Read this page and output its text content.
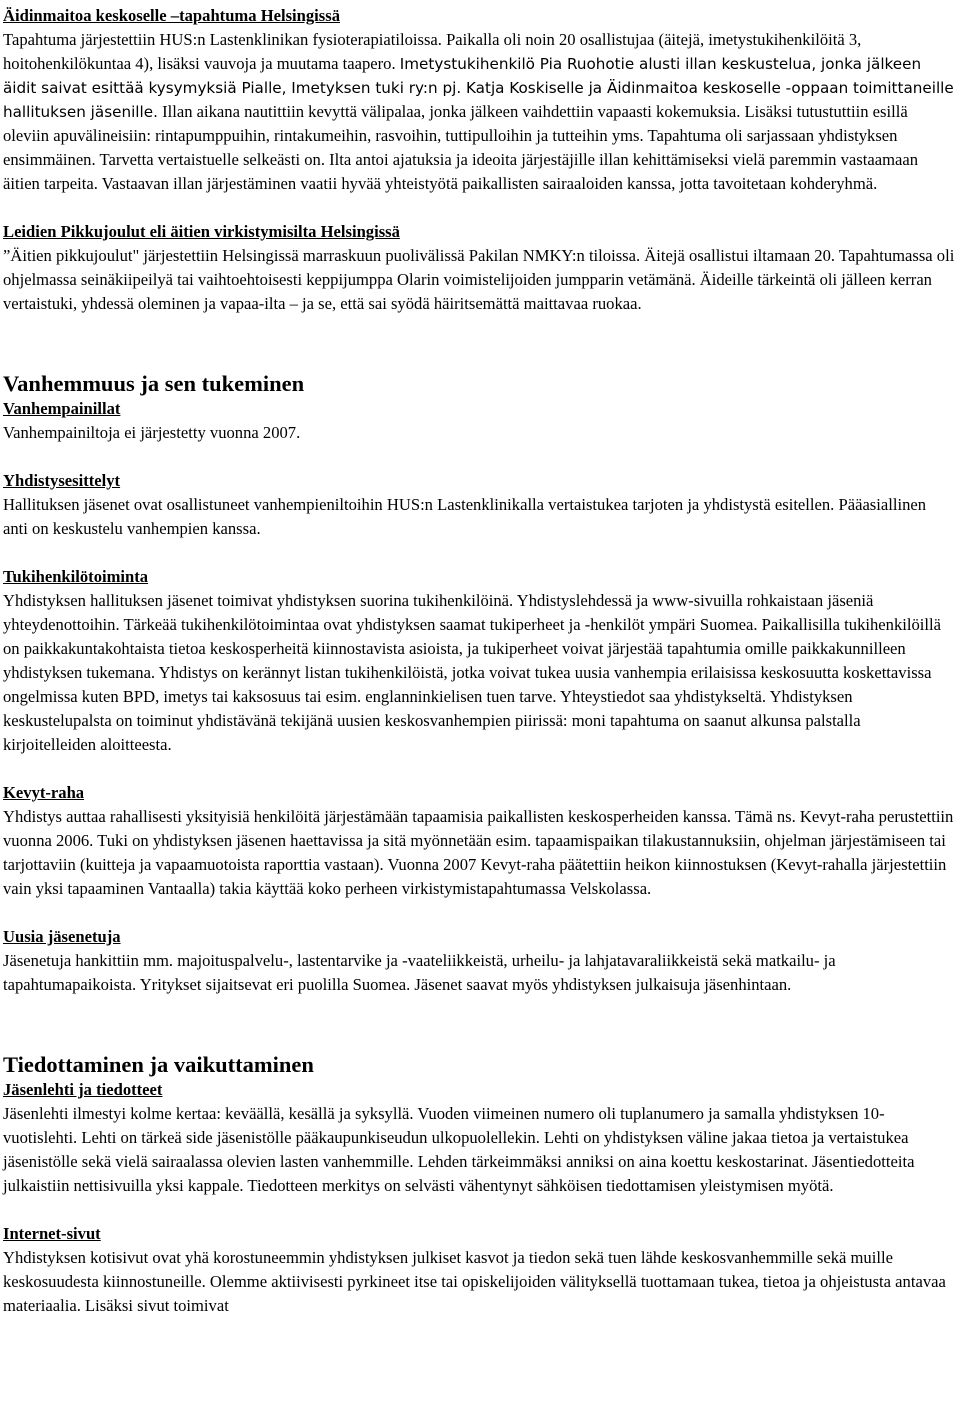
Äidinmaitoa keskoselle –tapahtuma Helsingissä

Tapahtuma järjestettiin HUS:n Lastenklinikan fysioterapiatiloissa. Paikalla oli noin 20 osallistujaa (äitejä, imetystukihenkilöitä 3, hoitohenkilökuntaa 4), lisäksi vauvoja ja muutama taapero. Imetystukihenkilö Pia Ruohotie alusti illan keskustelua, jonka jälkeen äidit saivat esittää kysymyksiä Pialle, Imetyksen tuki ry:n pj. Katja Koskiselle ja Äidinmaitoa keskoselle -oppaan toimittaneille hallituksen jäsenille. Illan aikana nautittiin kevyttä välipalaa, jonka jälkeen vaihdettiin vapaasti kokemuksia. Lisäksi tutustuttiin esillä oleviin apuvälineisiin: rintapumppuihin, rintakumeihin, rasvoihin, tuttipulloihin ja tutteihin yms. Tapahtuma oli sarjassaan yhdistyksen ensimmäinen. Tarvetta vertaistuelle selkeästi on. Ilta antoi ajatuksia ja ideoita järjestäjille illan kehittämiseksi vielä paremmin vastaamaan äitien tarpeita. Vastaavan illan järjestäminen vaatii hyvää yhteistyötä paikallisten sairaaloiden kanssa, jotta tavoitetaan kohderyhmä.

Leidien Pikkujoulut eli äitien virkistymisilta Helsingissä

”Äitien pikkujoulut" järjestettiin Helsingissä marraskuun puolivälissä Pakilan NMKY:n tiloissa. Äitejä osallistui iltamaan 20. Tapahtumassa oli ohjelmassa seinäkiipeilyä tai vaihtoehtoisesti keppijumppa Olarin voimistelijoiden jumpparin vetämänä. Äideille tärkeintä oli jälleen kerran vertaistuki, yhdessä oleminen ja vapaa-ilta – ja se, että sai syödä häiritsemättä maittavaa ruokaa.

Vanhemmuus ja sen tukeminen

Vanhempainillat

Vanhempainiltoja ei järjestetty vuonna 2007.

Yhdistysesittelyt

Hallituksen jäsenet ovat osallistuneet vanhempieniltoihin HUS:n Lastenklinikalla vertaistukea tarjoten ja yhdistystä esitellen. Pääasiallinen anti on keskustelu vanhempien kanssa.

Tukihenkilötoiminta

Yhdistyksen hallituksen jäsenet toimivat yhdistyksen suorina tukihenkilöinä. Yhdistyslehdessä ja www-sivuilla rohkaistaan jäseniä yhteydenottoihin. Tärkeää tukihenkilötoimintaa ovat yhdistyksen saamat tukiperheet ja -henkilöt ympäri Suomea. Paikallisilla tukihenkilöillä on paikkakuntakohtaista tietoa keskosperheitä kiinnostavista asioista, ja tukiperheet voivat järjestää tapahtumia omille paikkakunnilleen yhdistyksen tukemana. Yhdistys on kerännyt listan tukihenkilöistä, jotka voivat tukea uusia vanhempia erilaisissa keskosuutta koskettavissa ongelmissa kuten BPD, imetys tai kaksosuus tai esim. englanninkielisen tuen tarve. Yhteystiedot saa yhdistykseltä. Yhdistyksen keskustelupalsta on toiminut yhdistävänä tekijänä uusien keskosvanhempien piirissä: moni tapahtuma on saanut alkunsa palstalla kirjoitelleiden aloitteesta.

Kevyt-raha

Yhdistys auttaa rahallisesti yksityisiä henkilöitä järjestämään tapaamisia paikallisten keskosperheiden kanssa. Tämä ns. Kevyt-raha perustettiin vuonna 2006. Tuki on yhdistyksen jäsenen haettavissa ja sitä myönnetään esim. tapaamispaikan tilakustannuksiin, ohjelman järjestämiseen tai tarjottaviin (kuitteja ja vapaamuotoista raporttia vastaan). Vuonna 2007 Kevyt-raha päätettiin heikon kiinnostuksen (Kevyt-rahalla järjestettiin vain yksi tapaaminen Vantaalla) takia käyttää koko perheen virkistymistapahtumassa Velskolassa.

Uusia jäsenetuja

Jäsenetuja hankittiin mm. majoituspalvelu-, lastentarvike ja -vaateliikkeistä, urheilu- ja lahjatavaraliikkeistä sekä matkailu- ja tapahtumapaikoista. Yritykset sijaitsevat eri puolilla Suomea. Jäsenet saavat myös yhdistyksen julkaisuja jäsenhintaan.

Tiedottaminen ja vaikuttaminen

Jäsenlehti ja tiedotteet

Jäsenlehti ilmestyi kolme kertaa: keväällä, kesällä ja syksyllä. Vuoden viimeinen numero oli tuplanumero ja samalla yhdistyksen 10-vuotislehti. Lehti on tärkeä side jäsenistölle pääkaupunkiseudun ulkopuolellekin. Lehti on yhdistyksen väline jakaa tietoa ja vertaistukea jäsenistölle sekä vielä sairaalassa olevien lasten vanhemmille. Lehden tärkeimmäksi anniksi on aina koettu keskostarinat. Jäsentiedotteita julkaistiin nettisivuilla yksi kappale. Tiedotteen merkitys on selvästi vähentynyt sähköisen tiedottamisen yleistymisen myötä.

Internet-sivut

Yhdistyksen kotisivut ovat yhä korostuneemmin yhdistyksen julkiset kasvot ja tiedon sekä tuen lähde keskosvanhemmille sekä muille keskosuudesta kiinnostuneille. Olemme aktiivisesti pyrkineet itse tai opiskelijoiden välityksellä tuottamaan tukea, tietoa ja ohjeistusta antavaa materiaalia. Lisäksi sivut toimivat
